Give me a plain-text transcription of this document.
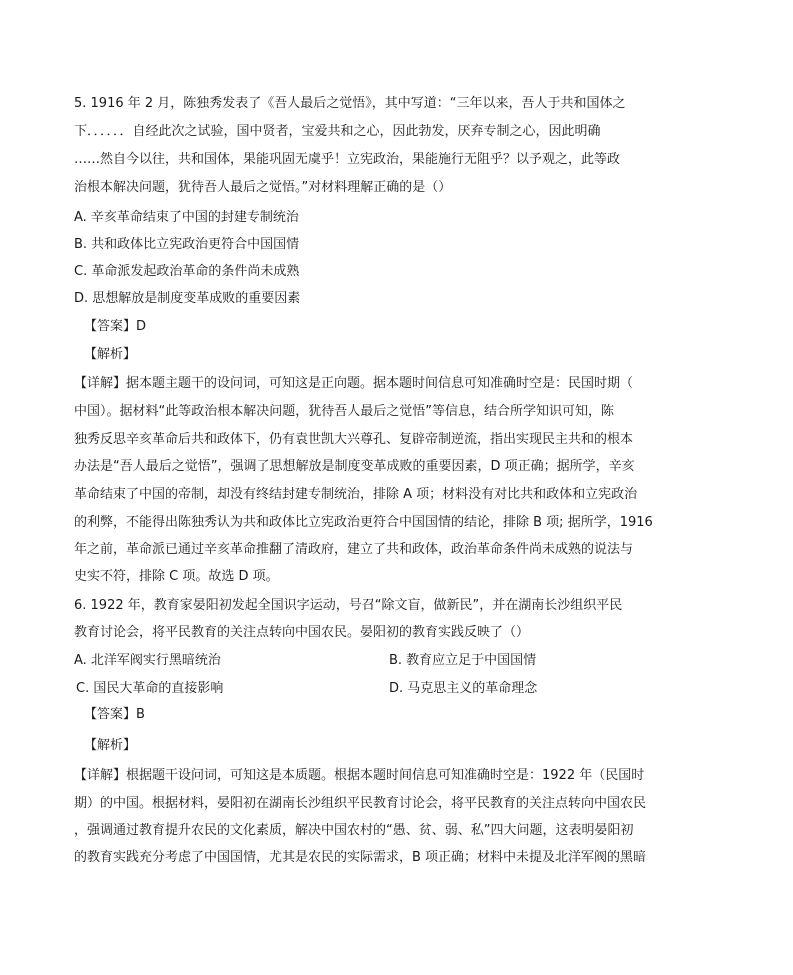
5. 1916 年 2 月，陈独秀发表了《吾人最后之觉悟》，其中写道：“三年以来，吾人于共和国体之
下．．．．．．自经此次之试验，国中贤者，宝爱共和之心，因此勃发，厌弃专制之心，因此明确
……然自今以往，共和国体，果能巩固无虞乎！立宪政治，果能施行无阻乎？以予观之，此等政
治根本解决问题，犹待吾人最后之觉悟。”对材料理解正确的是（）
A. 辛亥革命结束了中国的封建专制统治
B. 共和政体比立宪政治更符合中国国情
C. 革命派发起政治革命的条件尚未成熟
D. 思想解放是制度变革成败的重要因素
【答案】D
【解析】
【详解】据本题主题干的设问词，可知这是正向题。据本题时间信息可知准确时空是：民国时期（
中国）。据材料“此等政治根本解决问题，犹待吾人最后之觉悟”等信息，结合所学知识可知，陈
独秀反思辛亥革命后共和政体下，仍有袁世凯大兴尊孔、复辟帝制逆流，指出实现民主共和的根本
办法是“吾人最后之觉悟”，强调了思想解放是制度变革成败的重要因素，D 项正确；据所学，辛亥
革命结束了中国的帝制，却没有终结封建专制统治，排除 A 项；材料没有对比共和政体和立宪政治
的利弊，不能得出陈独秀认为共和政体比立宪政治更符合中国国情的结论，排除 B 项; 据所学，1916
年之前，革命派已通过辛亥革命推翻了清政府，建立了共和政体，政治革命条件尚未成熟的说法与
史实不符，排除 C 项。故选 D 项。
6. 1922 年，教育家晏阳初发起全国识字运动，号召“除文盲，做新民”，并在湖南长沙组织平民
教育讨论会，将平民教育的关注点转向中国农民。晏阳初的教育实践反映了（）
A. 北洋军阀实行黑暗统治	B. 教育应立足于中国国情
C. 国民大革命的直接影响	D. 马克思主义的革命理念
【答案】B
【解析】
【详解】根据题干设问词，可知这是本质题。根据本题时间信息可知准确时空是：1922 年（民国时
期）的中国。根据材料，晏阳初在湖南长沙组织平民教育讨论会，将平民教育的关注点转向中国农民
，强调通过教育提升农民的文化素质，解决中国农村的“愚、贫、弱、私”四大问题，这表明晏阳初
的教育实践充分考虑了中国国情，尤其是农民的实际需求，B 项正确；材料中未提及北洋军阀的黑暗
